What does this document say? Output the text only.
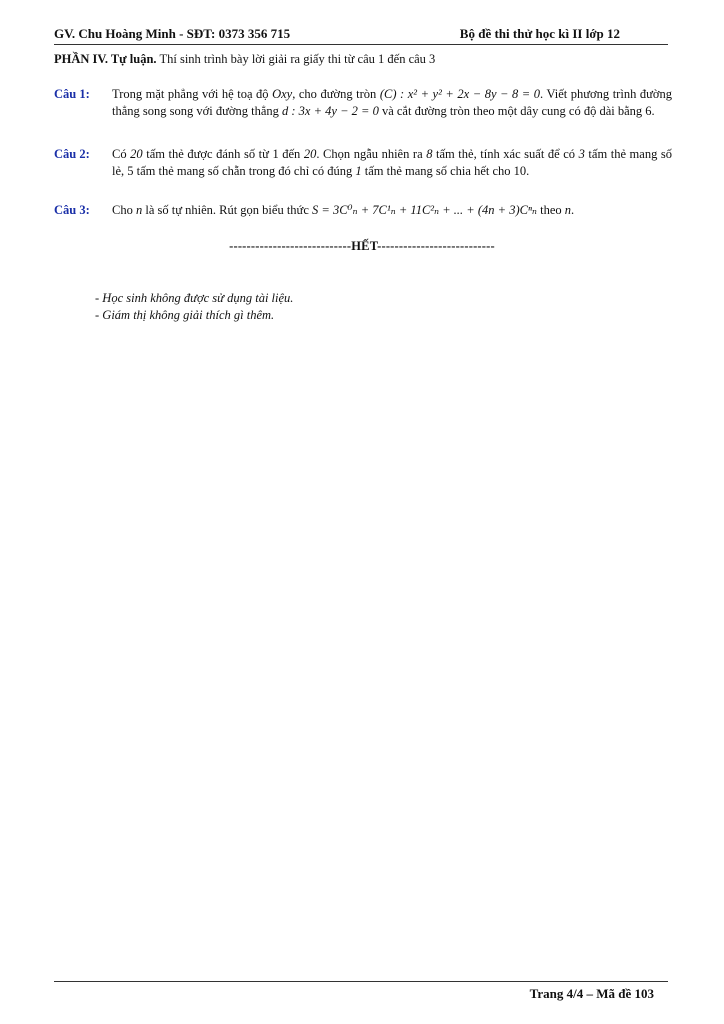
GV. Chu Hoàng Minh - SĐT: 0373 356 715	Bộ đề thi thử học kì II lớp 12
PHẦN IV. Tự luận. Thí sinh trình bày lời giải ra giấy thi từ câu 1 đến câu 3
Câu 1:	Trong mặt phẳng với hệ toạ độ Oxy, cho đường tròn (C) : x² + y² + 2x − 8y − 8 = 0. Viết phương trình đường thẳng song song với đường thẳng d : 3x + 4y − 2 = 0 và cắt đường tròn theo một dây cung có độ dài bằng 6.
Câu 2:	Có 20 tấm thẻ được đánh số từ 1 đến 20. Chọn ngẫu nhiên ra 8 tấm thẻ, tính xác suất để có 3 tấm thẻ mang số lẻ, 5 tấm thẻ mang số chẵn trong đó chỉ có đúng 1 tấm thẻ mang số chia hết cho 10.
Câu 3:	Cho n là số tự nhiên. Rút gọn biểu thức S = 3C⁰ₙ + 7C¹ₙ + 11C²ₙ + ... + (4n + 3)Cⁿₙ theo n.
----------------------------HẾT---------------------------
- Học sinh không được sử dụng tài liệu.
- Giám thị không giải thích gì thêm.
Trang 4/4 – Mã đề 103
